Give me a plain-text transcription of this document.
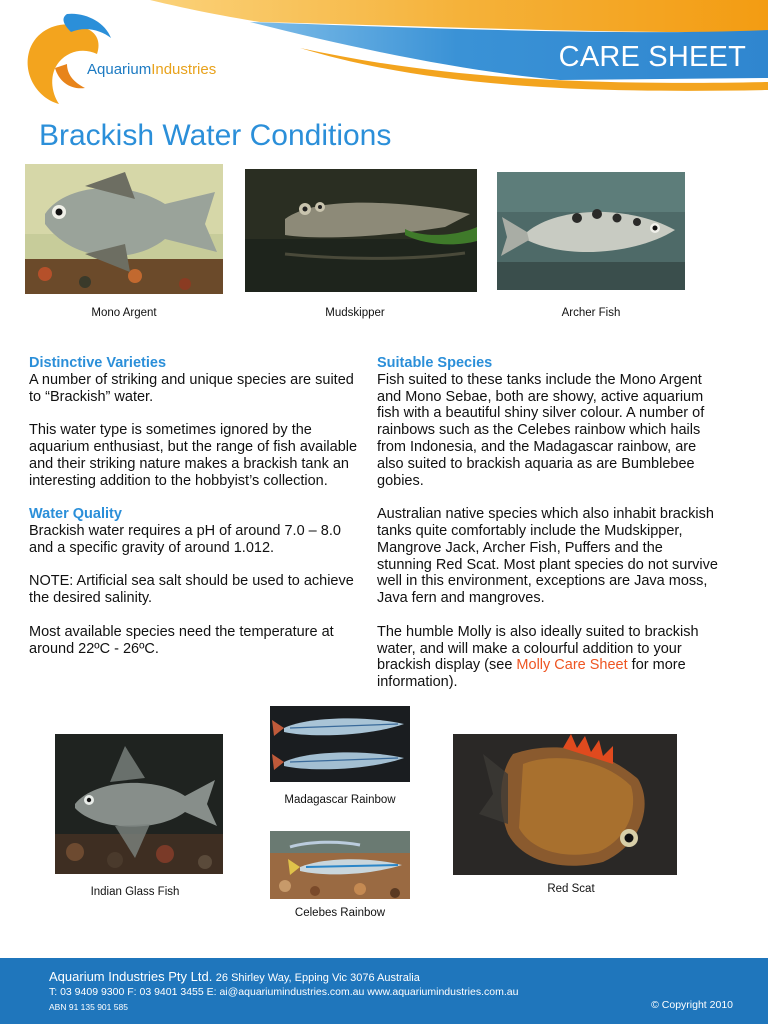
AquariumIndustries	CARE SHEET
Brackish Water Conditions
Mono Argent	Mudskipper	Archer Fish
Distinctive Varieties

A number of striking and unique species are suited to “Brackish” water.

This water type is sometimes ignored by the aquarium enthusiast, but the range of fish available and their striking nature makes a brackish tank an interesting addition to the hobbyist’s collection.

Water Quality

Brackish water requires a pH of around 7.0 – 8.0 and a specific gravity of around 1.012.

NOTE: Artificial sea salt should be used to achieve the desired salinity.

Most available species need the temperature at around 22ºC - 26ºC.

Suitable Species

Fish suited to these tanks include the Mono Argent and Mono Sebae, both are showy, active aquarium fish with a beautiful shiny silver colour. A number of rainbows such as the Celebes rainbow which hails from Indonesia, and the Madagascar rainbow, are also suited to brackish aquaria as are Bumblebee gobies.

Australian native species which also inhabit brackish tanks quite comfortably include the Mudskipper, Mangrove Jack, Archer Fish, Puffers and the stunning Red Scat. Most plant species do not survive well in this environment, exceptions are Java moss, Java fern and mangroves.

The humble Molly is also ideally suited to brackish water, and will make a colourful addition to your brackish display (see Molly Care Sheet for more information).

Indian Glass Fish
Madagascar Rainbow
Celebes Rainbow
Red Scat
Aquarium Industries Pty Ltd. 26 Shirley Way, Epping Vic 3076 Australia
T: 03 9409 9300 F: 03 9401 3455 E: ai@aquariumindustries.com.au www.aquariumindustries.com.au
ABN 91 135 901 585	© Copyright 2010
